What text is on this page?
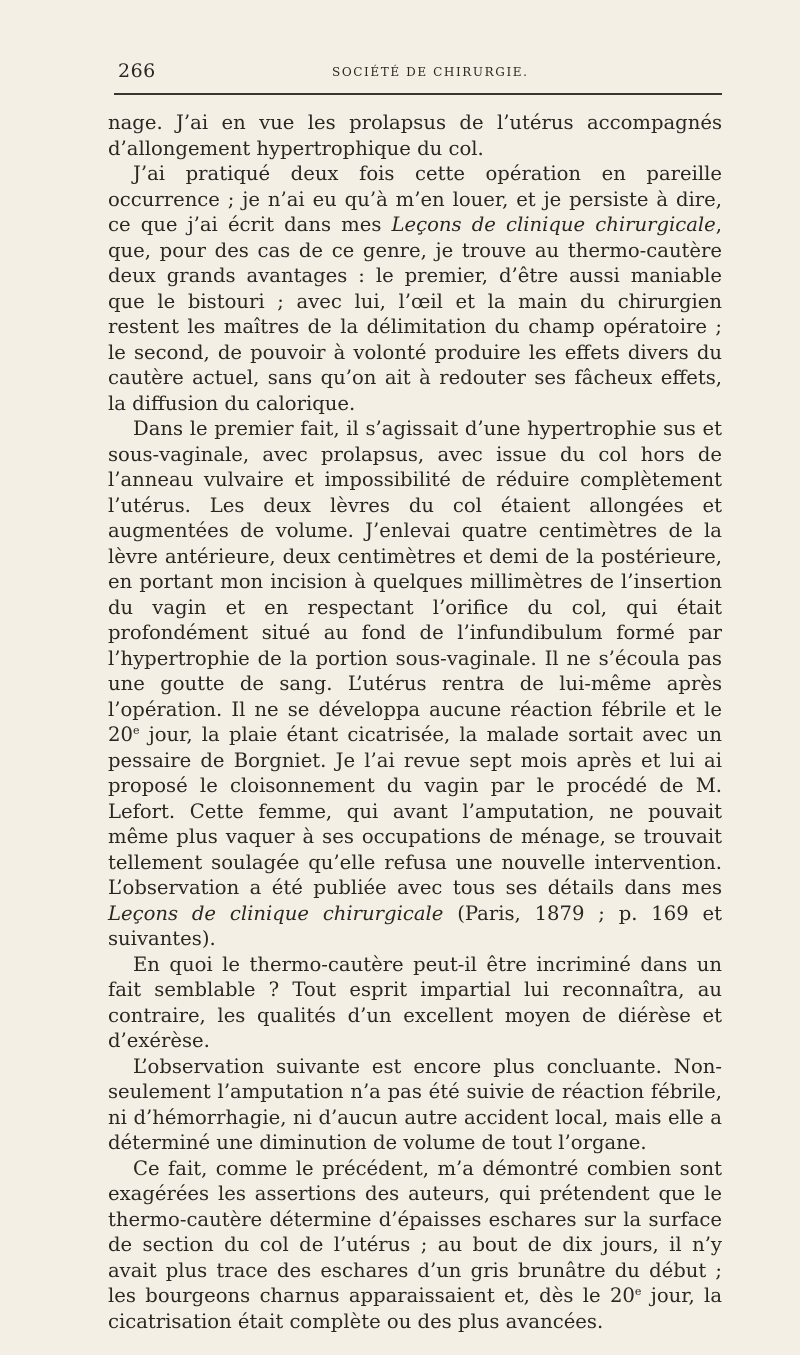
266	SOCIÉTÉ DE CHIRURGIE.

nage. J’ai en vue les prolapsus de l’utérus accompagnés d’allongement hypertrophique du col.

J’ai pratiqué deux fois cette opération en pareille occurrence ; je n’ai eu qu’à m’en louer, et je persiste à dire, ce que j’ai écrit dans mes Leçons de clinique chirurgicale, que, pour des cas de ce genre, je trouve au thermo-cautère deux grands avantages : le premier, d’être aussi maniable que le bistouri ; avec lui, l’œil et la main du chirurgien restent les maîtres de la délimitation du champ opératoire ; le second, de pouvoir à volonté produire les effets divers du cautère actuel, sans qu’on ait à redouter ses fâcheux effets, la diffusion du calorique.

Dans le premier fait, il s’agissait d’une hypertrophie sus et sous-vaginale, avec prolapsus, avec issue du col hors de l’anneau vulvaire et impossibilité de réduire complètement l’utérus. Les deux lèvres du col étaient allongées et augmentées de volume. J’enlevai quatre centimètres de la lèvre antérieure, deux centimètres et demi de la postérieure, en portant mon incision à quelques millimètres de l’insertion du vagin et en respectant l’orifice du col, qui était profondément situé au fond de l’infundibulum formé par l’hypertrophie de la portion sous-vaginale. Il ne s’écoula pas une goutte de sang. L’utérus rentra de lui-même après l’opération. Il ne se développa aucune réaction fébrile et le 20e jour, la plaie étant cicatrisée, la malade sortait avec un pessaire de Borgniet. Je l’ai revue sept mois après et lui ai proposé le cloisonnement du vagin par le procédé de M. Lefort. Cette femme, qui avant l’amputation, ne pouvait même plus vaquer à ses occupations de ménage, se trouvait tellement soulagée qu’elle refusa une nouvelle intervention. L’observation a été publiée avec tous ses détails dans mes Leçons de clinique chirurgicale (Paris, 1879 ; p. 169 et suivantes).

En quoi le thermo-cautère peut-il être incriminé dans un fait semblable ? Tout esprit impartial lui reconnaîtra, au contraire, les qualités d’un excellent moyen de diérèse et d’exérèse.

L’observation suivante est encore plus concluante. Non-seulement l’amputation n’a pas été suivie de réaction fébrile, ni d’hémorrhagie, ni d’aucun autre accident local, mais elle a déterminé une diminution de volume de tout l’organe.

Ce fait, comme le précédent, m’a démontré combien sont exagérées les assertions des auteurs, qui prétendent que le thermo-cautère détermine d’épaisses eschares sur la surface de section du col de l’utérus ; au bout de dix jours, il n’y avait plus trace des eschares d’un gris brunâtre du début ; les bourgeons charnus apparaissaient et, dès le 20e jour, la cicatrisation était complète ou des plus avancées.
